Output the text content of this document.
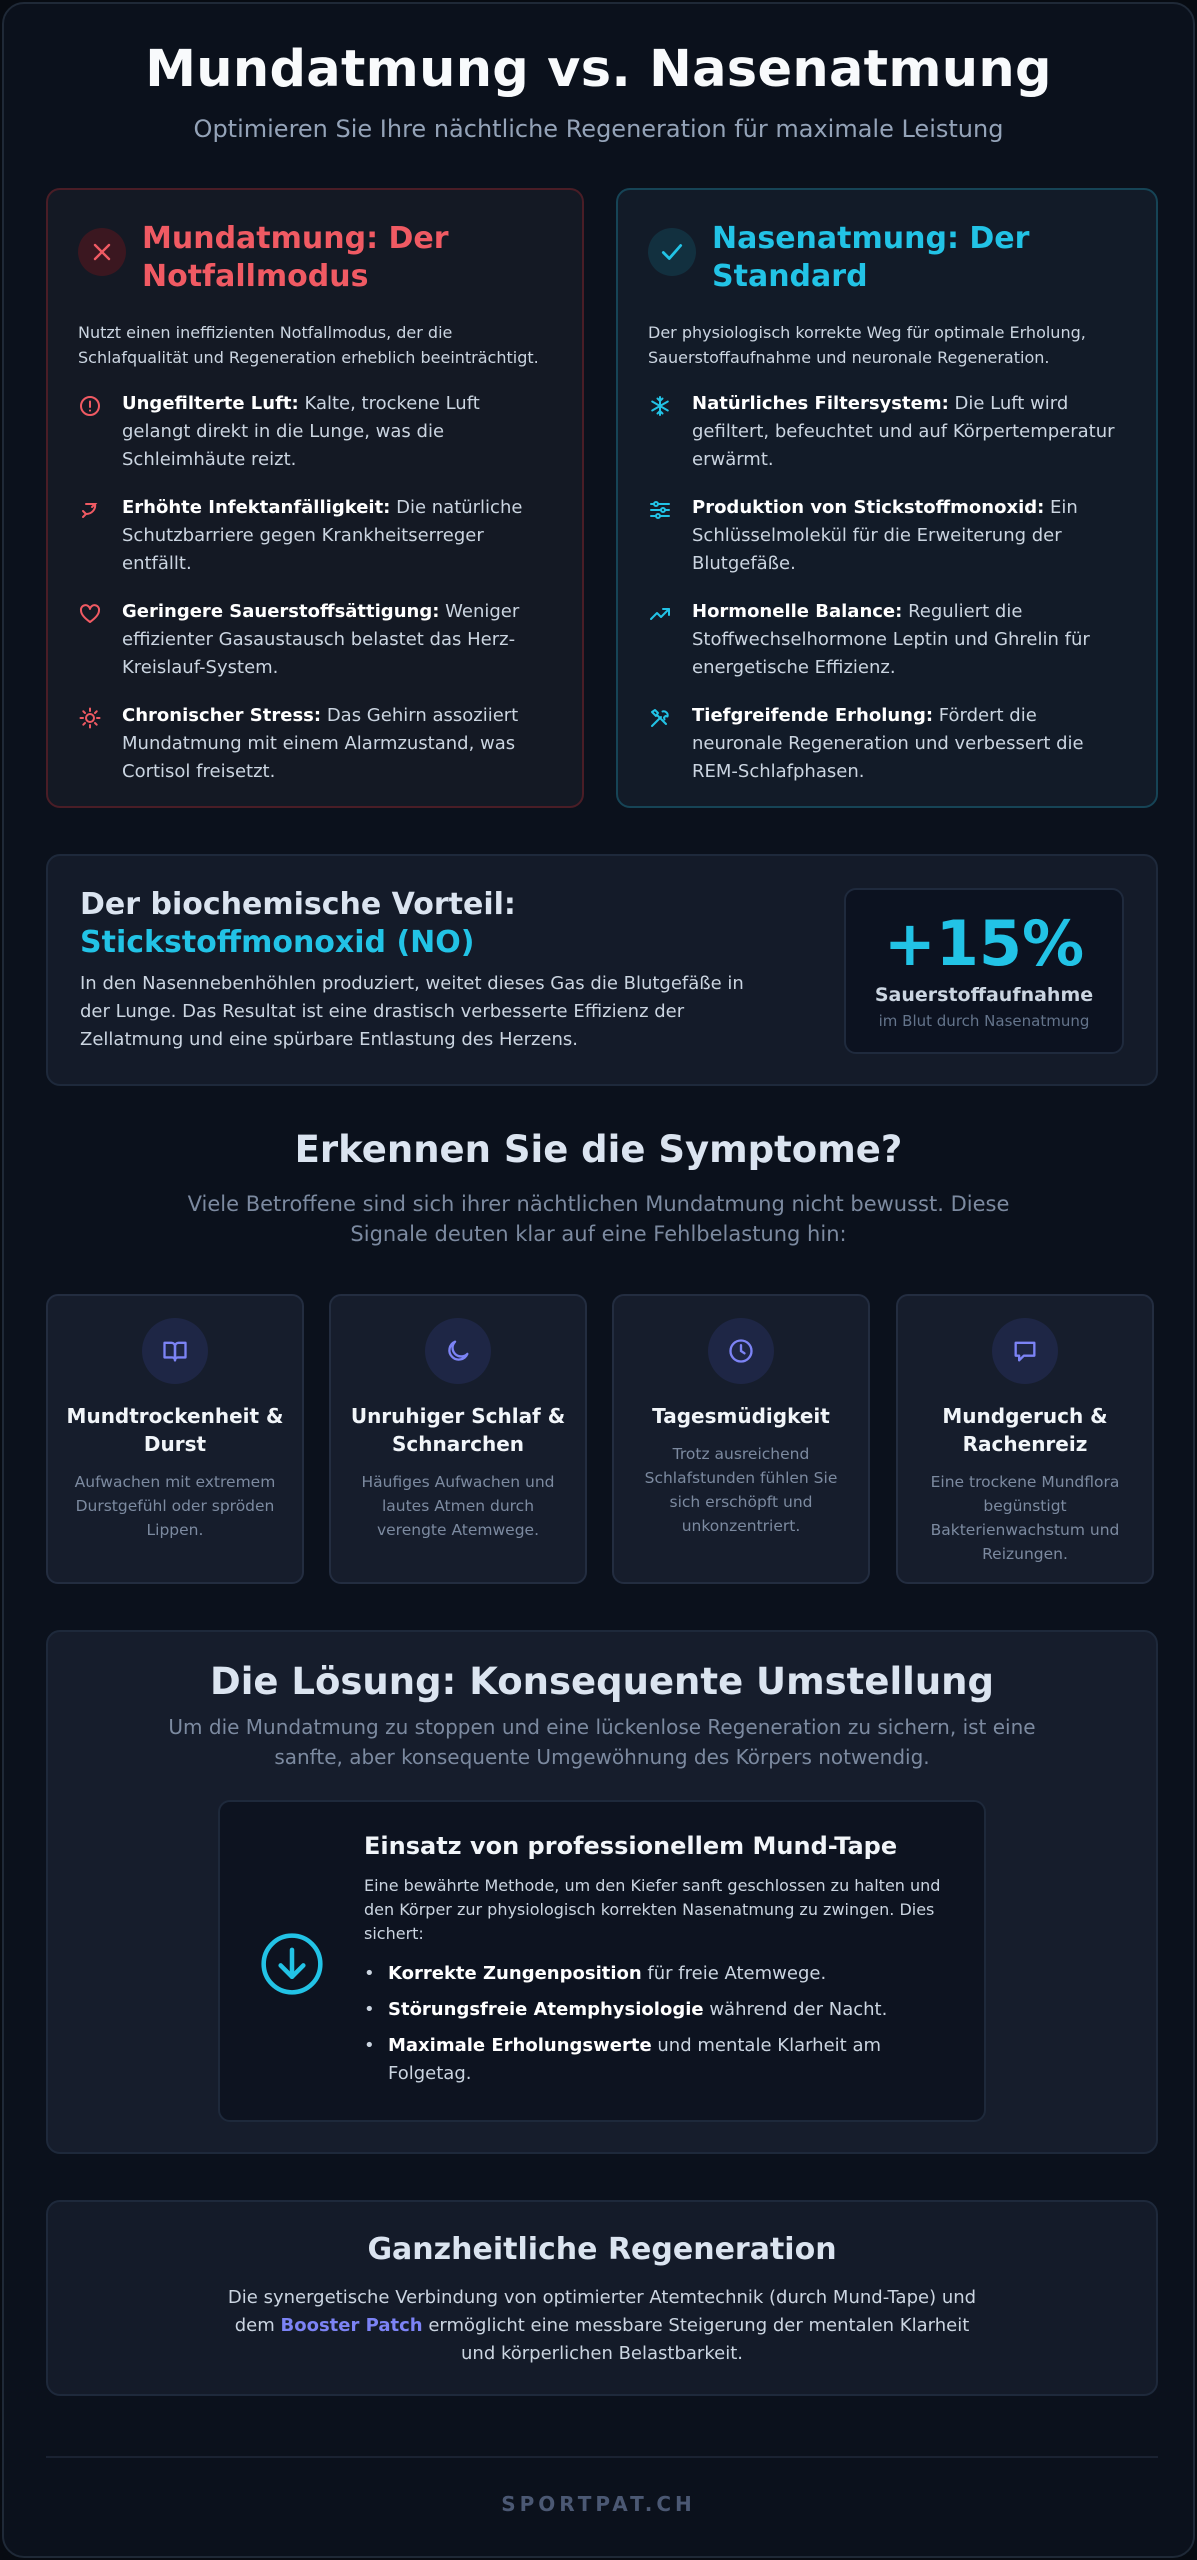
Mundatmung vs. Nasenatmung

Optimieren Sie Ihre nächtliche Regeneration für maximale Leistung

Mundatmung: Der Notfallmodus
Nutzt einen ineffizienten Notfallmodus, der die Schlafqualität und Regeneration erheblich beeinträchtigt.
Ungefilterte Luft: Kalte, trockene Luft gelangt direkt in die Lunge, was die Schleimhäute reizt.
Erhöhte Infektanfälligkeit: Die natürliche Schutzbarriere gegen Krankheitserreger entfällt.
Geringere Sauerstoffsättigung: Weniger effizienter Gasaustausch belastet das Herz-Kreislauf-System.
Chronischer Stress: Das Gehirn assoziiert Mundatmung mit einem Alarmzustand, was Cortisol freisetzt.
Nasenatmung: Der Standard
Der physiologisch korrekte Weg für optimale Erholung, Sauerstoffaufnahme und neuronale Regeneration.
Natürliches Filtersystem: Die Luft wird gefiltert, befeuchtet und auf Körpertemperatur erwärmt.
Produktion von Stickstoffmonoxid: Ein Schlüsselmolekül für die Erweiterung der Blutgefäße.
Hormonelle Balance: Reguliert die Stoffwechselhormone Leptin und Ghrelin für energetische Effizienz.
Tiefgreifende Erholung: Fördert die neuronale Regeneration und verbessert die REM-Schlafphasen.
Der biochemische Vorteil:
Stickstoffmonoxid (NO)

In den Nasennebenhöhlen produziert, weitet dieses Gas die Blutgefäße in der Lunge. Das Resultat ist eine drastisch verbesserte Effizienz der Zellatmung und eine spürbare Entlastung des Herzens.

+15%
Sauerstoffaufnahme
im Blut durch Nasenatmung
Erkennen Sie die Symptome?

Viele Betroffene sind sich ihrer nächtlichen Mundatmung nicht bewusst. Diese Signale deuten klar auf eine Fehlbelastung hin:

Mundtrockenheit & Durst

Aufwachen mit extremem Durstgefühl oder spröden Lippen.

Unruhiger Schlaf & Schnarchen

Häufiges Aufwachen und lautes Atmen durch verengte Atemwege.

Tagesmüdigkeit

Trotz ausreichend Schlafstunden fühlen Sie sich erschöpft und unkonzentriert.

Mundgeruch & Rachenreiz

Eine trockene Mundflora begünstigt Bakterienwachstum und Reizungen.

Die Lösung: Konsequente Umstellung

Um die Mundatmung zu stoppen und eine lückenlose Regeneration zu sichern, ist eine sanfte, aber konsequente Umgewöhnung des Körpers notwendig.

Einsatz von professionellem Mund-Tape
Eine bewährte Methode, um den Kiefer sanft geschlossen zu halten und den Körper zur physiologisch korrekten Nasenatmung zu zwingen. Dies sichert:
• Korrekte Zungenposition für freie Atemwege.
• Störungsfreie Atemphysiologie während der Nacht.
• Maximale Erholungswerte und mentale Klarheit am Folgetag.
Ganzheitliche Regeneration

Die synergetische Verbindung von optimierter Atemtechnik (durch Mund-Tape) und dem Booster Patch ermöglicht eine messbare Steigerung der mentalen Klarheit und körperlichen Belastbarkeit.

SPORTPAT.CH
